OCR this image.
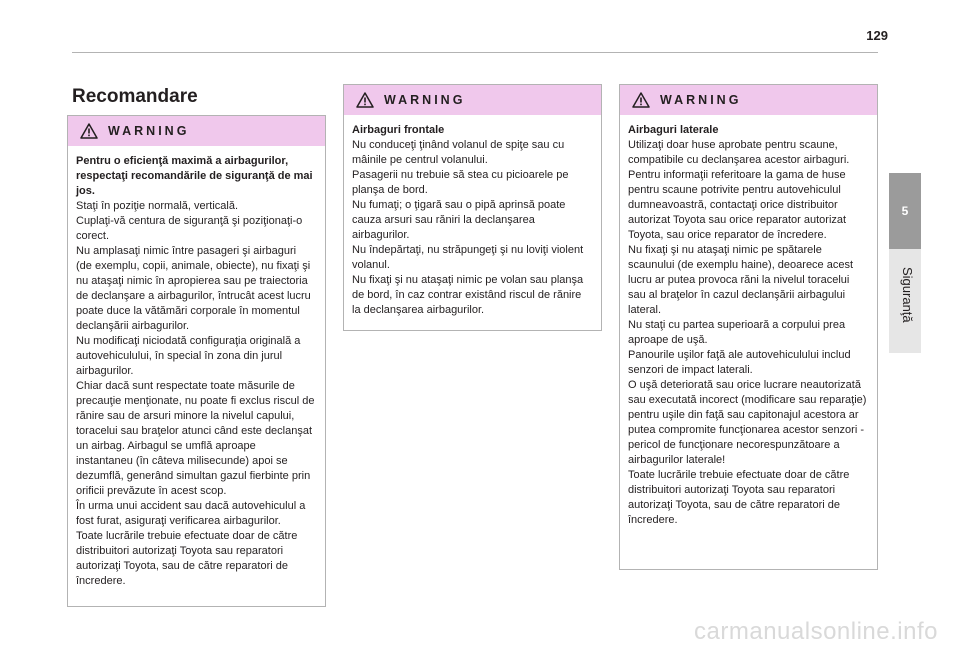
129
5
Siguranţă
Recomandare
WARNING
Pentru o eficienţă maximă a airbagurilor, respectaţi recomandările de siguranţă de mai jos.
Staţi în poziţie normală, verticală.
Cuplaţi-vă centura de siguranţă şi poziţionaţi-o corect.
Nu amplasaţi nimic între pasageri şi airbaguri (de exemplu, copii, animale, obiecte), nu fixaţi şi nu ataşaţi nimic în apropierea sau pe traiectoria de declanşare a airbagurilor, întrucât acest lucru poate duce la vătămări corporale în momentul declanşării airbagurilor.
Nu modificaţi niciodată configuraţia originală a autovehiculului, în special în zona din jurul airbagurilor.
Chiar dacă sunt respectate toate măsurile de precauţie menţionate, nu poate fi exclus riscul de rănire sau de arsuri minore la nivelul capului, toracelui sau braţelor atunci când este declanşat un airbag. Airbagul se umflă aproape instantaneu (în câteva milisecunde) apoi se dezumflă, generând simultan gazul fierbinte prin orificii prevăzute în acest scop.
În urma unui accident sau dacă autovehiculul a fost furat, asiguraţi verificarea airbagurilor.
Toate lucrările trebuie efectuate doar de către distribuitori autorizaţi Toyota sau reparatori autorizaţi Toyota, sau de către reparatori de încredere.
WARNING
Airbaguri frontale
Nu conduceţi ţinând volanul de spiţe sau cu mâinile pe centrul volanului.
Pasagerii nu trebuie să stea cu picioarele pe planşa de bord.
Nu fumaţi; o ţigară sau o pipă aprinsă poate cauza arsuri sau răniri la declanşarea airbagurilor.
Nu îndepărtaţi, nu străpungeţi şi nu loviţi violent volanul.
Nu fixaţi şi nu ataşaţi nimic pe volan sau planşa de bord, în caz contrar existând riscul de rănire la declanşarea airbagurilor.
WARNING
Airbaguri laterale
Utilizaţi doar huse aprobate pentru scaune, compatibile cu declanşarea acestor airbaguri. Pentru informaţii referitoare la gama de huse pentru scaune potrivite pentru autovehiculul dumneavoastră, contactaţi orice distribuitor autorizat Toyota sau orice reparator autorizat Toyota, sau orice reparator de încredere.
Nu fixaţi şi nu ataşaţi nimic pe spătarele scaunului (de exemplu haine), deoarece acest lucru ar putea provoca răni la nivelul toracelui sau al braţelor în cazul declanşării airbagului lateral.
Nu staţi cu partea superioară a corpului prea aproape de uşă.
Panourile uşilor faţă ale autovehiculului includ senzori de impact laterali.
O uşă deteriorată sau orice lucrare neautorizată sau executată incorect (modificare sau reparaţie) pentru uşile din faţă sau capitonajul acestora ar putea compromite funcţionarea acestor senzori - pericol de funcţionare necorespunzătoare a airbagurilor laterale!
Toate lucrările trebuie efectuate doar de către distribuitori autorizaţi Toyota sau reparatori autorizaţi Toyota, sau de către reparatori de încredere.
carmanualsonline.info
